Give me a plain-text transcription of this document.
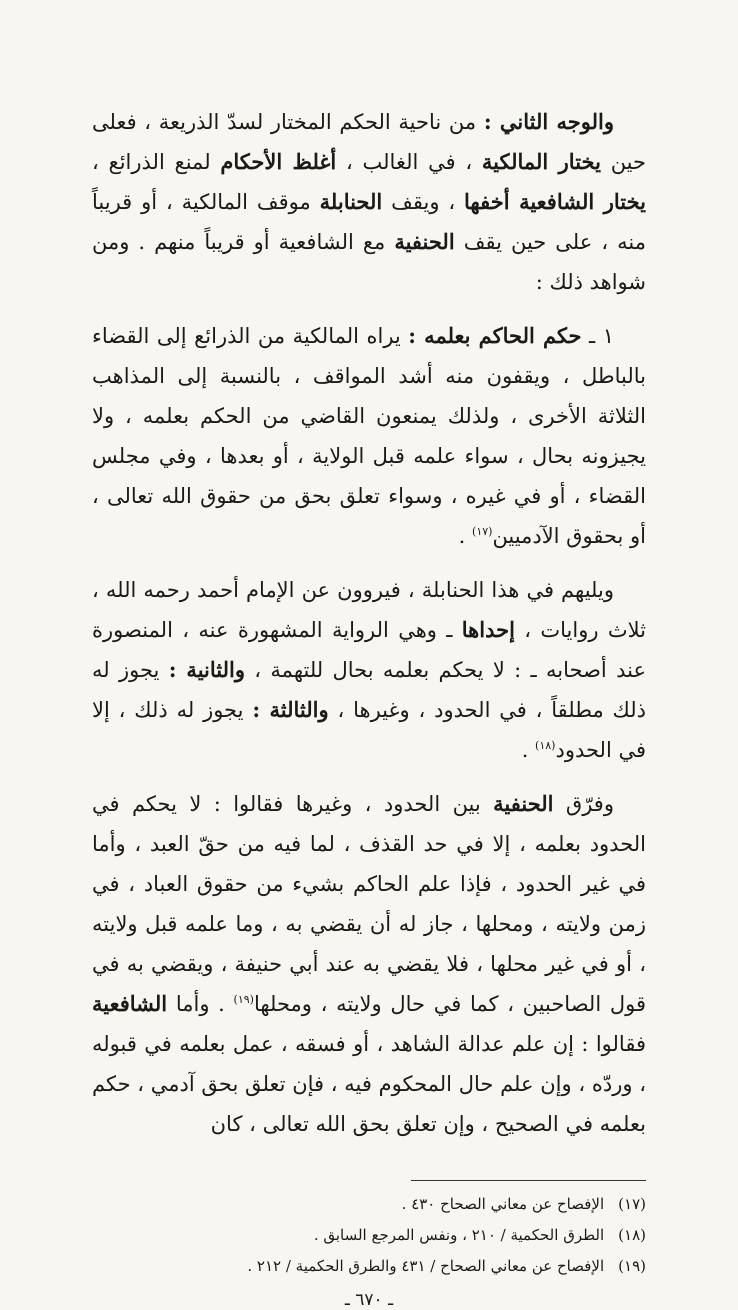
والوجه الثاني : من ناحية الحكم المختار لسدّ الذريعة ، فعلى حين يختار المالكية ، في الغالب ، أغلظ الأحكام لمنع الذرائع ، يختار الشافعية أخفها ، ويقف الحنابلة موقف المالكية ، أو قريباً منه ، على حين يقف الحنفية مع الشافعية أو قريباً منهم . ومن شواهد ذلك :

١ ـ حكم الحاكم بعلمه : يراه المالكية من الذرائع إلى القضاء بالباطل ، ويقفون منه أشد المواقف ، بالنسبة إلى المذاهب الثلاثة الأخرى ، ولذلك يمنعون القاضي من الحكم بعلمه ، ولا يجيزونه بحال ، سواء علمه قبل الولاية ، أو بعدها ، وفي مجلس القضاء ، أو في غيره ، وسواء تعلق بحق من حقوق الله تعالى ، أو بحقوق الآدميين$^{(١٧)}$ .

ويليهم في هذا الحنابلة ، فيروون عن الإمام أحمد رحمه الله ، ثلاث روايات ، إحداها ـ وهي الرواية المشهورة عنه ، المنصورة عند أصحابه ـ : لا يحكم بعلمه بحال للتهمة ، والثانية : يجوز له ذلك مطلقاً ، في الحدود ، وغيرها ، والثالثة : يجوز له ذلك ، إلا في الحدود$^{(١٨)}$ .

وفرّق الحنفية بين الحدود ، وغيرها فقالوا : لا يحكم في الحدود بعلمه ، إلا في حد القذف ، لما فيه من حقّ العبد ، وأما في غير الحدود ، فإذا علم الحاكم بشيء من حقوق العباد ، في زمن ولايته ، ومحلها ، جاز له أن يقضي به ، وما علمه قبل ولايته ، أو في غير محلها ، فلا يقضي به عند أبي حنيفة ، ويقضي به في قول الصاحبين ، كما في حال ولايته ، ومحلها$^{(١٩)}$ . وأما الشافعية فقالوا : إن علم عدالة الشاهد ، أو فسقه ، عمل بعلمه في قبوله ، وردّه ، وإن علم حال المحكوم فيه ، فإن تعلق بحق آدمي ، حكم بعلمه في الصحيح ، وإن تعلق بحق الله تعالى ، كان

(١٧)الإفصاح عن معاني الصحاح ٤٣٠ .
(١٨)الطرق الحكمية / ٢١٠ ، ونفس المرجع السابق .
(١٩)الإفصاح عن معاني الصحاح / ٤٣١ والطرق الحكمية / ٢١٢ .
ـ ٦٧٠ ـ
